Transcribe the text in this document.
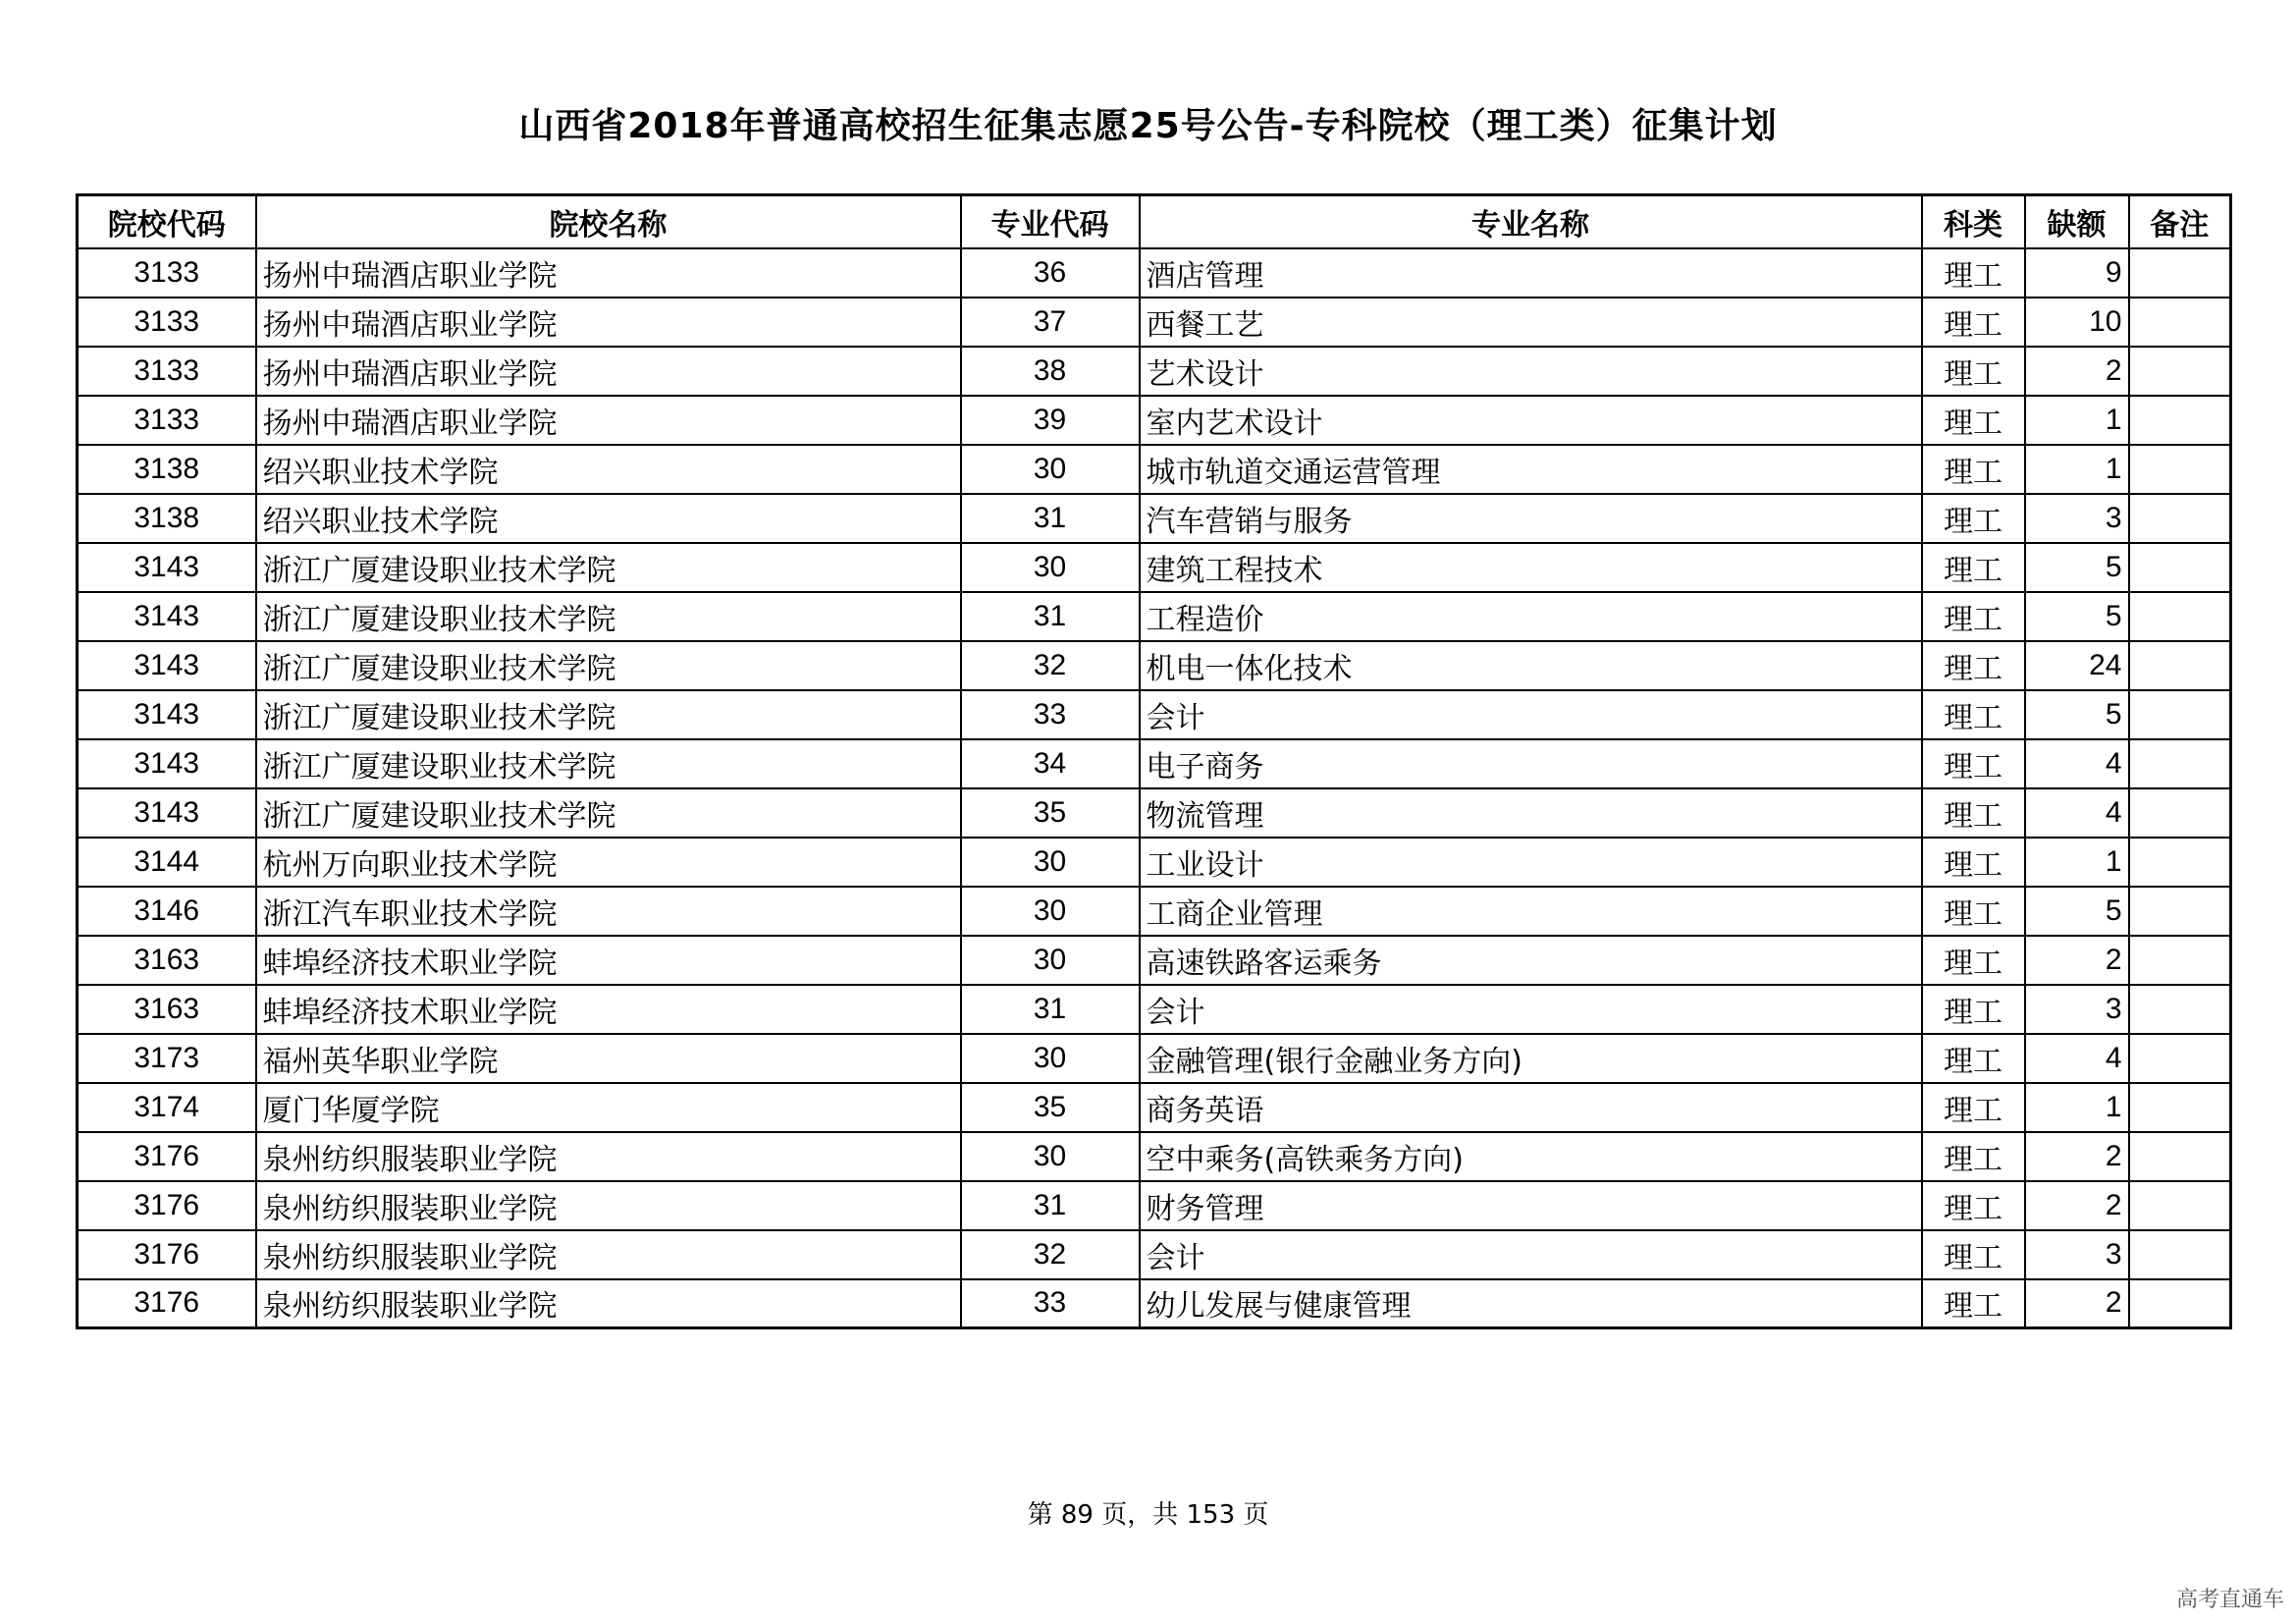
山西省2018年普通高校招生征集志愿25号公告-专科院校（理工类）征集计划
院校代码	院校名称	专业代码	专业名称	科类	缺额	备注
3133	扬州中瑞酒店职业学院	36	酒店管理	理工	9	
3133	扬州中瑞酒店职业学院	37	西餐工艺	理工	10	
3133	扬州中瑞酒店职业学院	38	艺术设计	理工	2	
3133	扬州中瑞酒店职业学院	39	室内艺术设计	理工	1	
3138	绍兴职业技术学院	30	城市轨道交通运营管理	理工	1	
3138	绍兴职业技术学院	31	汽车营销与服务	理工	3	
3143	浙江广厦建设职业技术学院	30	建筑工程技术	理工	5	
3143	浙江广厦建设职业技术学院	31	工程造价	理工	5	
3143	浙江广厦建设职业技术学院	32	机电一体化技术	理工	24	
3143	浙江广厦建设职业技术学院	33	会计	理工	5	
3143	浙江广厦建设职业技术学院	34	电子商务	理工	4	
3143	浙江广厦建设职业技术学院	35	物流管理	理工	4	
3144	杭州万向职业技术学院	30	工业设计	理工	1	
3146	浙江汽车职业技术学院	30	工商企业管理	理工	5	
3163	蚌埠经济技术职业学院	30	高速铁路客运乘务	理工	2	
3163	蚌埠经济技术职业学院	31	会计	理工	3	
3173	福州英华职业学院	30	金融管理(银行金融业务方向)	理工	4	
3174	厦门华厦学院	35	商务英语	理工	1	
3176	泉州纺织服装职业学院	30	空中乘务(高铁乘务方向)	理工	2	
3176	泉州纺织服装职业学院	31	财务管理	理工	2	
3176	泉州纺织服装职业学院	32	会计	理工	3	
3176	泉州纺织服装职业学院	33	幼儿发展与健康管理	理工	2	
第 89 页，共 153 页
高考直通车
